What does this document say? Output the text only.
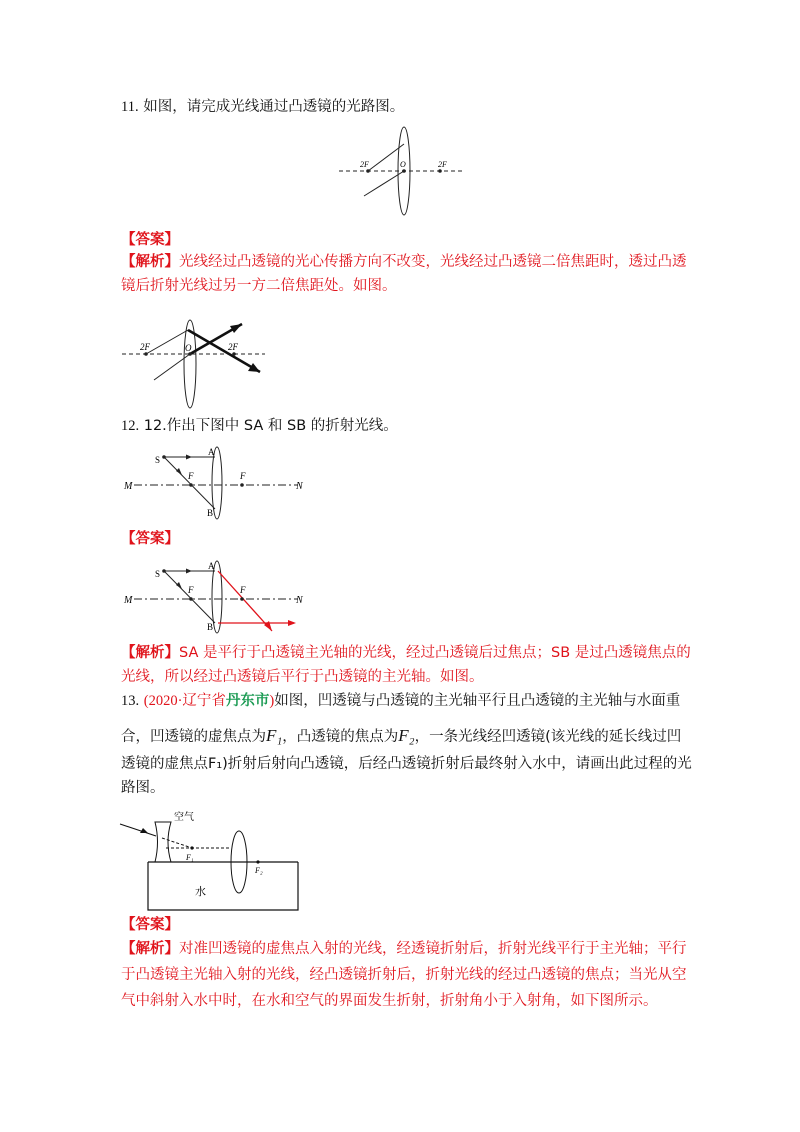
11. 如图，请完成光线通过凸透镜的光路图。
2F	O	2F
【答案】
【解析】光线经过凸透镜的光心传播方向不改变，光线经过凸透镜二倍焦距时，透过凸透
镜后折射光线过另一方二倍焦距处。如图。
2F	O	2F
12. 12.作出下图中 SA 和 SB 的折射光线。
S
A
B
F	F
M	N
【答案】
S
A
B
F	F
M	N
【解析】SA 是平行于凸透镜主光轴的光线，经过凸透镜后过焦点；SB 是过凸透镜焦点的
光线，所以经过凸透镜后平行于凸透镜的主光轴。如图。
13. (2020·辽宁省丹东市)如图，凹透镜与凸透镜的主光轴平行且凸透镜的主光轴与水面重
合，凹透镜的虚焦点为F₁，凸透镜的焦点为F₂，一条光线经凹透镜(该光线的延长线过凹
透镜的虚焦点F₁)折射后射向凸透镜，后经凸透镜折射后最终射入水中，请画出此过程的光
路图。
空气
水
F₁
F₂
【答案】
【解析】对准凹透镜的虚焦点入射的光线，经透镜折射后，折射光线平行于主光轴；平行
于凸透镜主光轴入射的光线，经凸透镜折射后，折射光线的经过凸透镜的焦点；当光从空
气中斜射入水中时，在水和空气的界面发生折射，折射角小于入射角，如下图所示。
